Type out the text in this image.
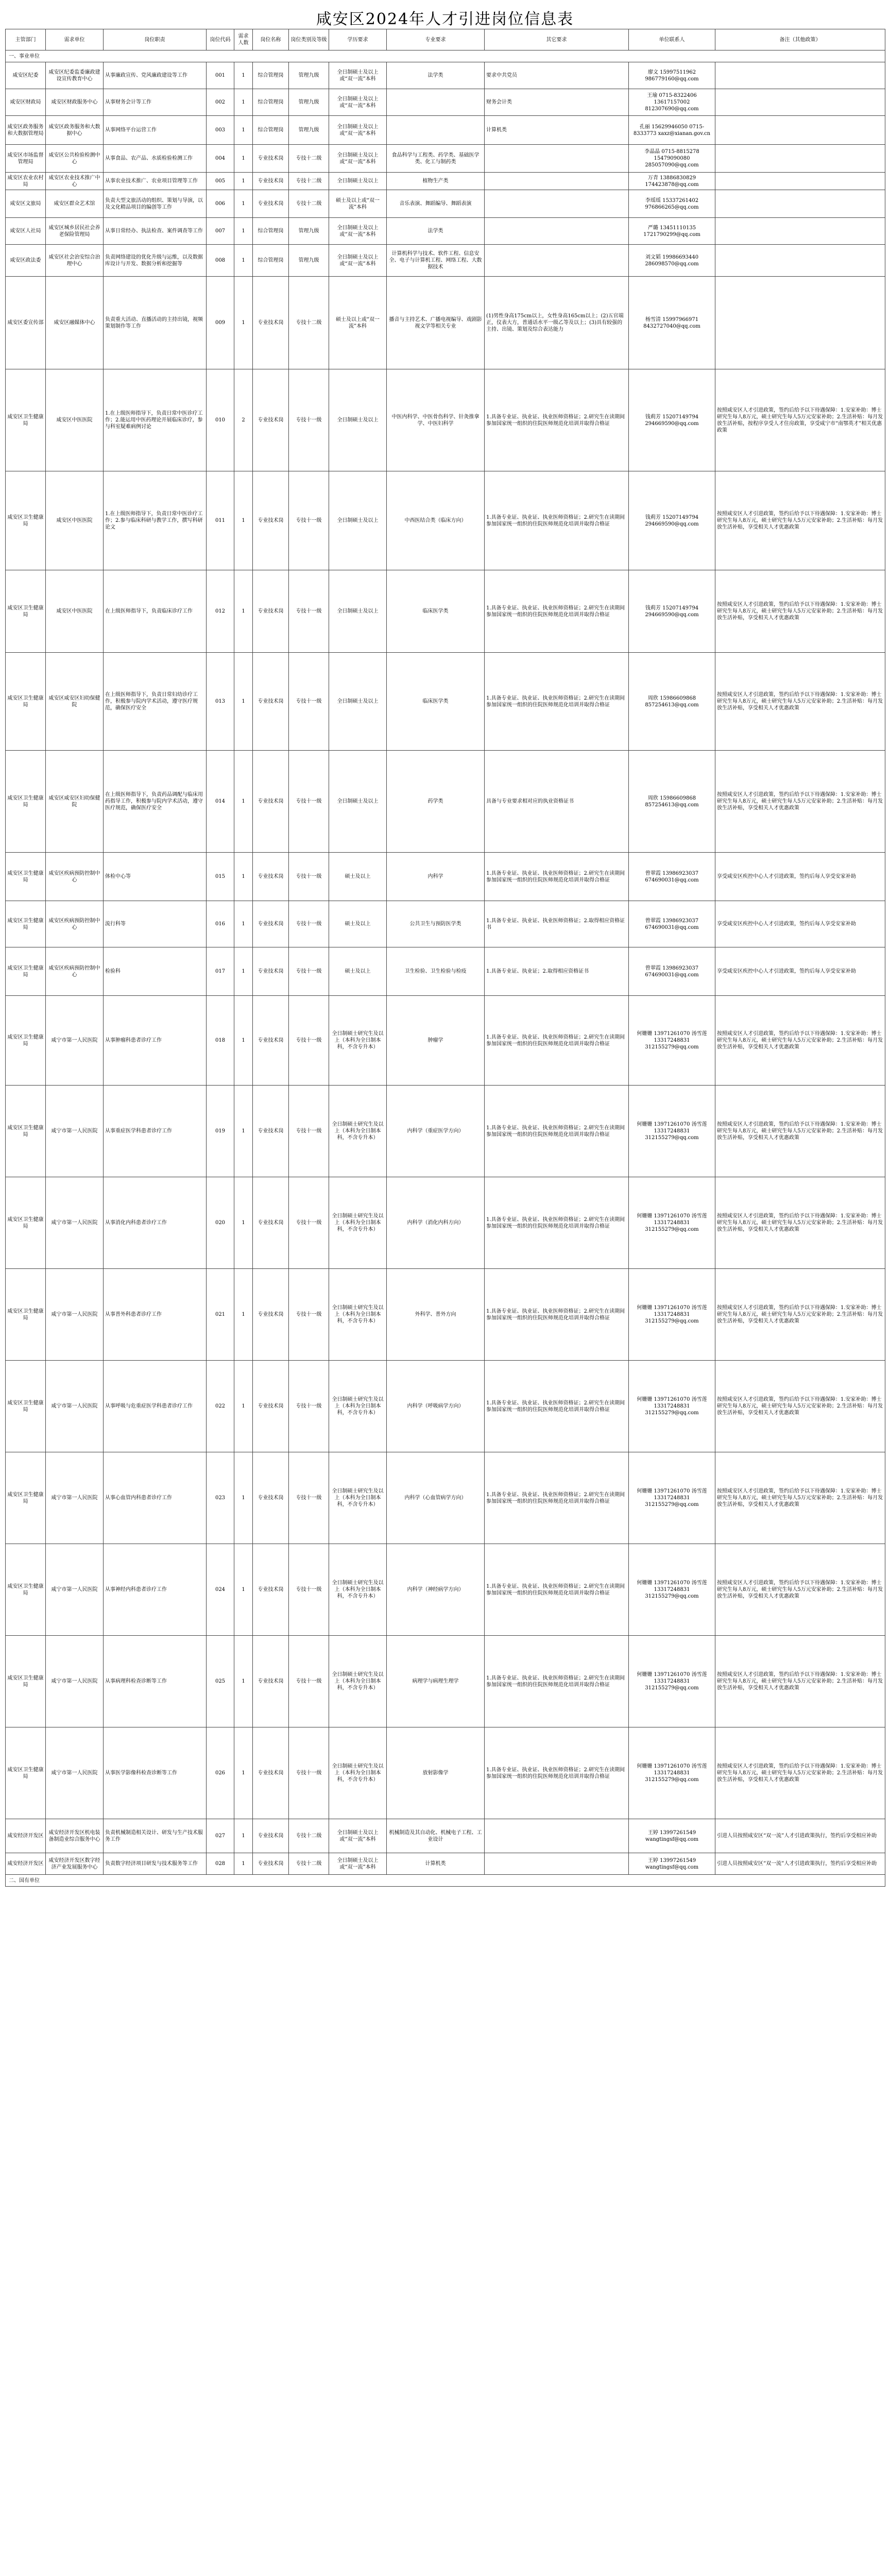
咸安区2024年人才引进岗位信息表
主管部门	需求单位	岗位职责	岗位代码	需求人数	岗位名称	岗位类别及等级	学历要求	专业要求	其它要求	单位联系人	备注（其他政策）
一、事业单位											
咸安区纪委	咸安区纪委监委廉政建设宣传教育中心	从事廉政宣传、党风廉政建设等工作	001	1	综合管理岗	管理九级	全日制硕士及以上或“双一流”本科	法学类	要求中共党员	廖文 15997511962 986779160@qq.com	
咸安区财政局	咸安区财政服务中心	从事财务会计等工作	002	1	综合管理岗	管理九级	全日制硕士及以上或“双一流”本科		财务会计类	王瑜 0715-8322406 13617157002 812307690@qq.com	
咸安区政务服务和大数据管理局	咸安区政务服务和大数据中心	从事网络平台运营工作	003	1	综合管理岗	管理九级	全日制硕士及以上或“双一流”本科		计算机类	孔丽 15629946050 0715-8333773 xaxz@xianan.gov.cn	
咸安区市场监督管理局	咸安区公共检验检测中心	从事食品、农产品、水质检验检测工作	004	1	专业技术岗	专技十二级	全日制硕士及以上或“双一流”本科	食品科学与工程类、药学类、基础医学类、化工与制药类		李晶晶 0715-8815278 15479090080 285057090@qq.com	
咸安区农业农村局	咸安区农业技术推广中心	从事农业技术推广、农业项目管理等工作	005	1	专业技术岗	专技十二级	全日制硕士及以上	植物生产类		万青 13886830829 174423878@qq.com	
咸安区文旅局	咸安区群众艺术馆	负责大型文旅活动的组织、策划与导演，以及文化精品项目的编创等工作	006	1	专业技术岗	专技十二级	硕士及以上或“双一流”本科	音乐表演、舞蹈编导、舞蹈表演		李瑶瑶 15337261402 976866265@qq.com	
咸安区人社局	咸安区城乡居民社会养老保险管理局	从事日常经办、执法检查、案件调查等工作	007	1	综合管理岗	管理九级	全日制硕士及以上或“双一流”本科	法学类		严璐 13451110135 1721790299@qq.com	
咸安区政法委	咸安区社会治安综合治理中心	负责网络建设的优化升级与运维，以及数据库设计与开发、数据分析和挖掘等	008	1	综合管理岗	管理九级	全日制硕士及以上或“双一流”本科	计算机科学与技术、软件工程、信息安全、电子与计算机工程、网络工程、大数据技术		刘文韬 19986693440 286098570@qq.com	
咸安区委宣传部	咸安区融媒体中心	负责重大活动、直播活动的主持出镜，视频策划制作等工作	009	1	专业技术岗	专技十二级	硕士及以上或“双一流”本科	播音与主持艺术、广播电视编导、戏剧影视文学等相关专业	(1)男性身高175cm以上，女性身高165cm以上；(2)五官端正，仪表大方，普通话水平一级乙等及以上；(3)具有较强的主持、出镜、策划及综合表达能力	杨雪清 15997966971 8432727040@qq.com	
咸安区卫生健康局	咸安区中医医院	1.在上级医师指导下，负责日常中医诊疗工作；2.能运用中医药理论开展临床诊疗，参与科室疑难病例讨论	010	2	专业技术岗	专技十一级	全日制硕士及以上	中医内科学、中医骨伤科学、针灸推拿学、中医妇科学	1.具备专业证、执业证、执业医师资格证；2.研究生在读期间参加国家统一组织的住院医师规范化培训并取得合格证	钱莉芳 15207149794 294669590@qq.com	按照咸安区人才引进政策，签约后给予以下待遇保障：1.安家补助：博士研究生每人8万元，硕士研究生每人5万元安家补助；2.生活补贴：每月发放生活补贴，按程序享受人才住房政策，享受咸宁市“南鄂英才”相关优惠政策
咸安区卫生健康局	咸安区中医医院	1.在上级医师指导下，负责日常中医诊疗工作；2.参与临床科研与教学工作，撰写科研论文	011	1	专业技术岗	专技十一级	全日制硕士及以上	中西医结合类（临床方向）	1.具备专业证、执业证、执业医师资格证；2.研究生在读期间参加国家统一组织的住院医师规范化培训并取得合格证	钱莉芳 15207149794 294669590@qq.com	按照咸安区人才引进政策，签约后给予以下待遇保障：1.安家补助：博士研究生每人8万元，硕士研究生每人5万元安家补助；2.生活补贴：每月发放生活补贴，享受相关人才优惠政策
咸安区卫生健康局	咸安区中医医院	在上级医师指导下，负责临床诊疗工作	012	1	专业技术岗	专技十一级	全日制硕士及以上	临床医学类	1.具备专业证、执业证、执业医师资格证；2.研究生在读期间参加国家统一组织的住院医师规范化培训并取得合格证	钱莉芳 15207149794 294669590@qq.com	按照咸安区人才引进政策，签约后给予以下待遇保障：1.安家补助：博士研究生每人8万元，硕士研究生每人5万元安家补助；2.生活补贴：每月发放生活补贴，享受相关人才优惠政策
咸安区卫生健康局	咸安区咸安区妇幼保健院	在上级医师指导下，负责日常妇幼诊疗工作，积极参与院内学术活动，遵守医疗规范，确保医疗安全	013	1	专业技术岗	专技十一级	全日制硕士及以上	临床医学类	1.具备专业证、执业证、执业医师资格证；2.研究生在读期间参加国家统一组织的住院医师规范化培训并取得合格证	周欣 15986609868 857254613@qq.com	按照咸安区人才引进政策，签约后给予以下待遇保障：1.安家补助：博士研究生每人8万元，硕士研究生每人5万元安家补助；2.生活补贴：每月发放生活补贴，享受相关人才优惠政策
咸安区卫生健康局	咸安区咸安区妇幼保健院	在上级医师指导下，负责药品调配与临床用药指导工作，积极参与院内学术活动，遵守医疗规范，确保医疗安全	014	1	专业技术岗	专技十一级	全日制硕士及以上	药学类	具备与专业要求相对应的执业资格证书	周欣 15986609868 857254613@qq.com	按照咸安区人才引进政策，签约后给予以下待遇保障：1.安家补助：博士研究生每人8万元，硕士研究生每人5万元安家补助；2.生活补贴：每月发放生活补贴，享受相关人才优惠政策
咸安区卫生健康局	咸安区疾病预防控制中心	体检中心等	015	1	专业技术岗	专技十一级	硕士及以上	内科学	1.具备专业证、执业证、执业医师资格证；2.研究生在读期间参加国家统一组织的住院医师规范化培训并取得合格证	曾翠霞 13986923037 674690031@qq.com	享受咸安区疾控中心人才引进政策，签约后每人享受安家补助
咸安区卫生健康局	咸安区疾病预防控制中心	流行科等	016	1	专业技术岗	专技十一级	硕士及以上	公共卫生与预防医学类	1.具备专业证、执业证、执业医师资格证；2.取得相应资格证书	曾翠霞 13986923037 674690031@qq.com	享受咸安区疾控中心人才引进政策，签约后每人享受安家补助
咸安区卫生健康局	咸安区疾病预防控制中心	检验科	017	1	专业技术岗	专技十一级	硕士及以上	卫生检验、卫生检验与检疫	1.具备专业证、执业证；2.取得相应资格证书	曾翠霞 13986923037 674690031@qq.com	享受咸安区疾控中心人才引进政策，签约后每人享受安家补助
咸安区卫生健康局	咸宁市第一人民医院	从事肿瘤科患者诊疗工作	018	1	专业技术岗	专技十一级	全日制硕士研究生及以上（本科为全日制本科，不含专升本）	肿瘤学	1.具备专业证、执业证、执业医师资格证；2.研究生在读期间参加国家统一组织的住院医师规范化培训并取得合格证	何姗姗 13971261070 汤雪莲 13317248831 312155279@qq.com	按照咸安区人才引进政策，签约后给予以下待遇保障：1.安家补助：博士研究生每人8万元，硕士研究生每人5万元安家补助；2.生活补贴：每月发放生活补贴，享受相关人才优惠政策
咸安区卫生健康局	咸宁市第一人民医院	从事重症医学科患者诊疗工作	019	1	专业技术岗	专技十一级	全日制硕士研究生及以上（本科为全日制本科，不含专升本）	内科学（重症医学方向）	1.具备专业证、执业证、执业医师资格证；2.研究生在读期间参加国家统一组织的住院医师规范化培训并取得合格证	何姗姗 13971261070 汤雪莲 13317248831 312155279@qq.com	按照咸安区人才引进政策，签约后给予以下待遇保障：1.安家补助：博士研究生每人8万元，硕士研究生每人5万元安家补助；2.生活补贴：每月发放生活补贴，享受相关人才优惠政策
咸安区卫生健康局	咸宁市第一人民医院	从事消化内科患者诊疗工作	020	1	专业技术岗	专技十一级	全日制硕士研究生及以上（本科为全日制本科，不含专升本）	内科学（消化内科方向）	1.具备专业证、执业证、执业医师资格证；2.研究生在读期间参加国家统一组织的住院医师规范化培训并取得合格证	何姗姗 13971261070 汤雪莲 13317248831 312155279@qq.com	按照咸安区人才引进政策，签约后给予以下待遇保障：1.安家补助：博士研究生每人8万元，硕士研究生每人5万元安家补助；2.生活补贴：每月发放生活补贴，享受相关人才优惠政策
咸安区卫生健康局	咸宁市第一人民医院	从事普外科患者诊疗工作	021	1	专业技术岗	专技十一级	全日制硕士研究生及以上（本科为全日制本科，不含专升本）	外科学、普外方向	1.具备专业证、执业证、执业医师资格证；2.研究生在读期间参加国家统一组织的住院医师规范化培训并取得合格证	何姗姗 13971261070 汤雪莲 13317248831 312155279@qq.com	按照咸安区人才引进政策，签约后给予以下待遇保障：1.安家补助：博士研究生每人8万元，硕士研究生每人5万元安家补助；2.生活补贴：每月发放生活补贴，享受相关人才优惠政策
咸安区卫生健康局	咸宁市第一人民医院	从事呼吸与危重症医学科患者诊疗工作	022	1	专业技术岗	专技十一级	全日制硕士研究生及以上（本科为全日制本科，不含专升本）	内科学（呼吸病学方向）	1.具备专业证、执业证、执业医师资格证；2.研究生在读期间参加国家统一组织的住院医师规范化培训并取得合格证	何姗姗 13971261070 汤雪莲 13317248831 312155279@qq.com	按照咸安区人才引进政策，签约后给予以下待遇保障：1.安家补助：博士研究生每人8万元，硕士研究生每人5万元安家补助；2.生活补贴：每月发放生活补贴，享受相关人才优惠政策
咸安区卫生健康局	咸宁市第一人民医院	从事心血管内科患者诊疗工作	023	1	专业技术岗	专技十一级	全日制硕士研究生及以上（本科为全日制本科，不含专升本）	内科学（心血管病学方向）	1.具备专业证、执业证、执业医师资格证；2.研究生在读期间参加国家统一组织的住院医师规范化培训并取得合格证	何姗姗 13971261070 汤雪莲 13317248831 312155279@qq.com	按照咸安区人才引进政策，签约后给予以下待遇保障：1.安家补助：博士研究生每人8万元，硕士研究生每人5万元安家补助；2.生活补贴：每月发放生活补贴，享受相关人才优惠政策
咸安区卫生健康局	咸宁市第一人民医院	从事神经内科患者诊疗工作	024	1	专业技术岗	专技十一级	全日制硕士研究生及以上（本科为全日制本科，不含专升本）	内科学（神经病学方向）	1.具备专业证、执业证、执业医师资格证；2.研究生在读期间参加国家统一组织的住院医师规范化培训并取得合格证	何姗姗 13971261070 汤雪莲 13317248831 312155279@qq.com	按照咸安区人才引进政策，签约后给予以下待遇保障：1.安家补助：博士研究生每人8万元，硕士研究生每人5万元安家补助；2.生活补贴：每月发放生活补贴，享受相关人才优惠政策
咸安区卫生健康局	咸宁市第一人民医院	从事病理科检查诊断等工作	025	1	专业技术岗	专技十一级	全日制硕士研究生及以上（本科为全日制本科，不含专升本）	病理学与病理生理学	1.具备专业证、执业证、执业医师资格证；2.研究生在读期间参加国家统一组织的住院医师规范化培训并取得合格证	何姗姗 13971261070 汤雪莲 13317248831 312155279@qq.com	按照咸安区人才引进政策，签约后给予以下待遇保障：1.安家补助：博士研究生每人8万元，硕士研究生每人5万元安家补助；2.生活补贴：每月发放生活补贴，享受相关人才优惠政策
咸安区卫生健康局	咸宁市第一人民医院	从事医学影像科检查诊断等工作	026	1	专业技术岗	专技十一级	全日制硕士研究生及以上（本科为全日制本科，不含专升本）	放射影像学	1.具备专业证、执业证、执业医师资格证；2.研究生在读期间参加国家统一组织的住院医师规范化培训并取得合格证	何姗姗 13971261070 汤雪莲 13317248831 312155279@qq.com	按照咸安区人才引进政策，签约后给予以下待遇保障：1.安家补助：博士研究生每人8万元，硕士研究生每人5万元安家补助；2.生活补贴：每月发放生活补贴，享受相关人才优惠政策
咸安经济开发区	咸安经济开发区机电装备制造业综合服务中心	负责机械制造相关设计、研发与生产技术服务工作	027	1	专业技术岗	专技十二级	全日制硕士及以上或“双一流”本科	机械制造及其自动化、机械电子工程、工业设计		王婷 13997261549 wangtingsf@qq.com	引进人员按照咸安区“双一流”人才引进政策执行，签约后享受相应补助
咸安经济开发区	咸安经济开发区数字经济产业发展服务中心	负责数字经济项目研发与技术服务等工作	028	1	专业技术岗	专技十二级	全日制硕士及以上或“双一流”本科	计算机类		王婷 13997261549 wangtingsf@qq.com	引进人员按照咸安区“双一流”人才引进政策执行，签约后享受相应补助
二、国有单位											
